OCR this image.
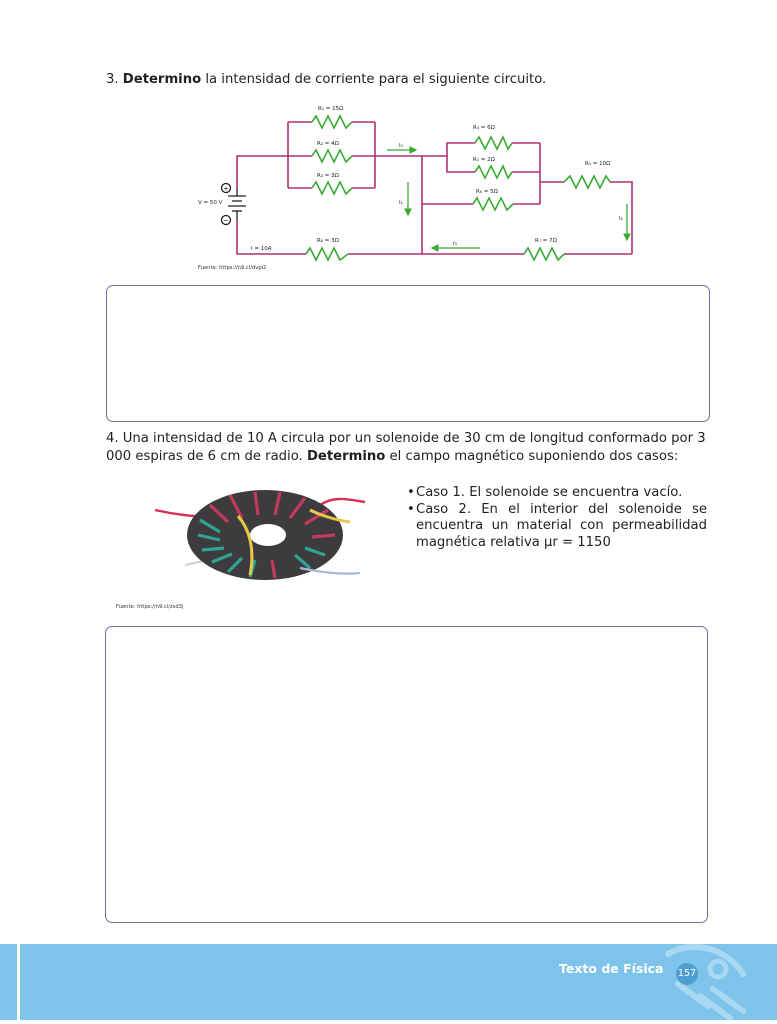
3. Determino la intensidad de corriente para el siguiente circuito.
+
−
R₁ = 15Ω
R₂ = 4Ω
R₃ = 3Ω
R₄ = 6Ω
R₅ = 2Ω
R₆ = 5Ω
R₉ = 10Ω
R₇ = 7Ω
R₈ = 3Ω
V = 50 V
I = 10A
I₄
I₁
I₂
I₃
Fuente: https://n9.cl/dvpi2
4. Una intensidad de 10 A circula por un solenoide de 30 cm de longitud conformado por 3 000 espiras de 6 cm de radio. Determino el campo magnético suponiendo dos casos:
• Caso 1. El solenoide se encuentra vacío.
• Caso 2. En el interior del solenoide se encuentra un material con permeabilidad magnética relativa μr = 1150
Fuente: https://n9.cl/zsd3j
Texto de Física 157
